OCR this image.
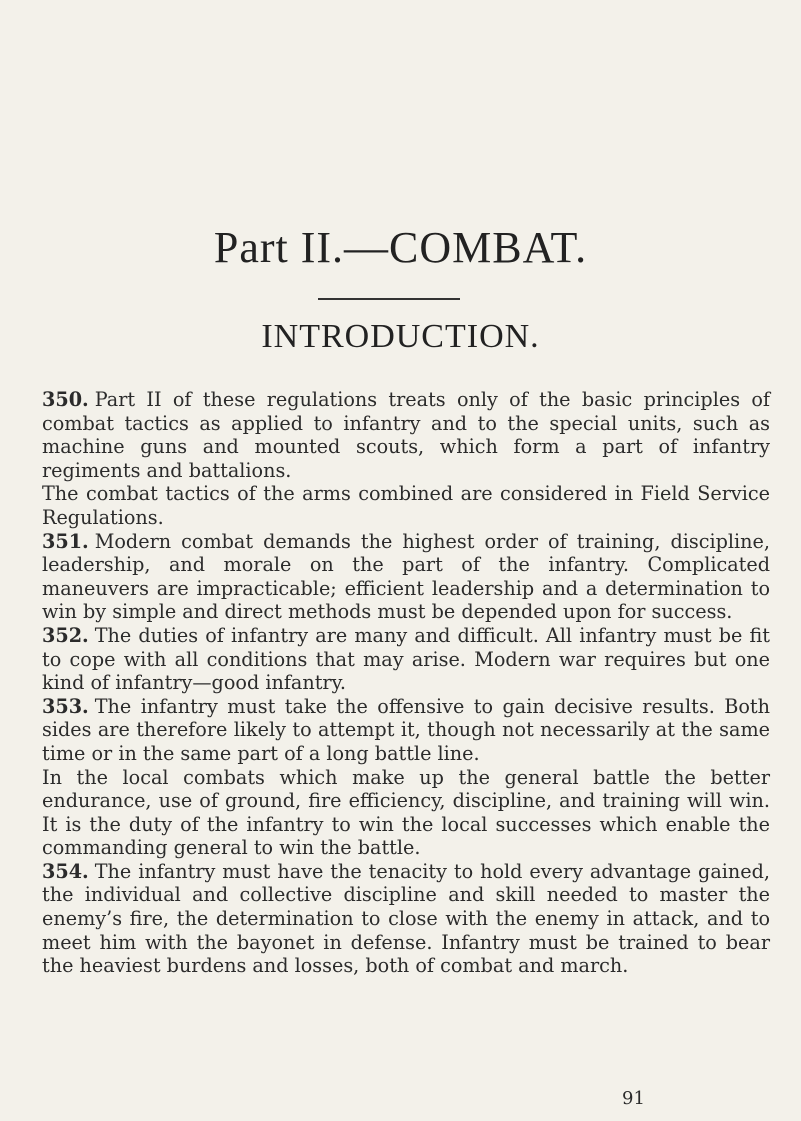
Part II.—COMBAT.
INTRODUCTION.

350. Part II of these regulations treats only of the basic principles of combat tactics as applied to infantry and to the special units, such as machine guns and mounted scouts, which form a part of infantry regiments and battalions.

The combat tactics of the arms combined are considered in Field Service Regulations.

351. Modern combat demands the highest order of training, discipline, leadership, and morale on the part of the infantry. Complicated maneuvers are impracticable; efficient leadership and a determination to win by simple and direct methods must be depended upon for success.

352. The duties of infantry are many and difficult. All infantry must be fit to cope with all conditions that may arise. Modern war requires but one kind of infantry—good infantry.

353. The infantry must take the offensive to gain decisive results. Both sides are therefore likely to attempt it, though not necessarily at the same time or in the same part of a long battle line.

In the local combats which make up the general battle the better endurance, use of ground, fire efficiency, discipline, and training will win. It is the duty of the infantry to win the local successes which enable the commanding general to win the battle.

354. The infantry must have the tenacity to hold every advantage gained, the individual and collective discipline and skill needed to master the enemy’s fire, the determination to close with the enemy in attack, and to meet him with the bayonet in defense. Infantry must be trained to bear the heaviest burdens and losses, both of combat and march.

91
